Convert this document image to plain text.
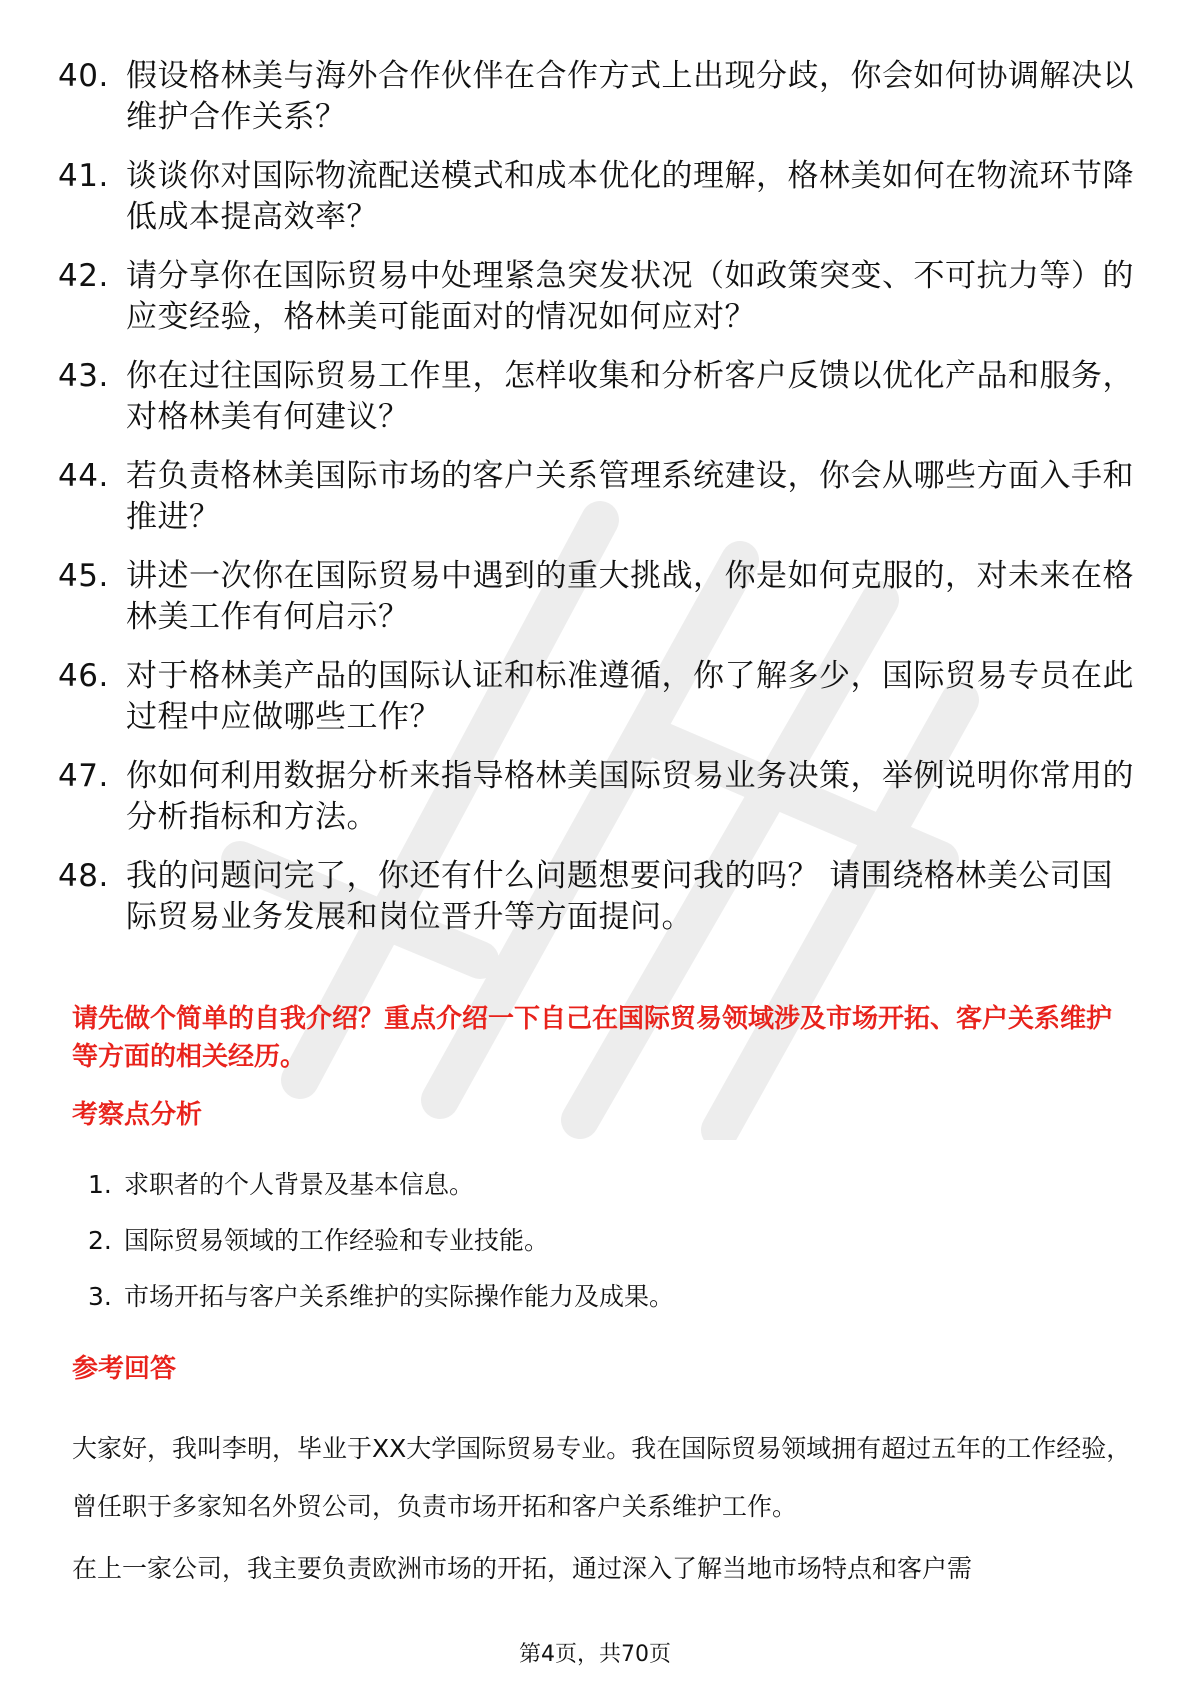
40. 假设格林美与海外合作伙伴在合作方式上出现分歧，你会如何协调解决以维护合作关系？
41. 谈谈你对国际物流配送模式和成本优化的理解，格林美如何在物流环节降低成本提高效率？
42. 请分享你在国际贸易中处理紧急突发状况（如政策突变、不可抗力等）的应变经验，格林美可能面对的情况如何应对？
43. 你在过往国际贸易工作里，怎样收集和分析客户反馈以优化产品和服务，对格林美有何建议？
44. 若负责格林美国际市场的客户关系管理系统建设，你会从哪些方面入手和推进？
45. 讲述一次你在国际贸易中遇到的重大挑战，你是如何克服的，对未来在格林美工作有何启示？
46. 对于格林美产品的国际认证和标准遵循，你了解多少，国际贸易专员在此过程中应做哪些工作？
47. 你如何利用数据分析来指导格林美国际贸易业务决策，举例说明你常用的分析指标和方法。
48. 我的问题问完了，你还有什么问题想要问我的吗？ 请围绕格林美公司国际贸易业务发展和岗位晋升等方面提问。
请先做个简单的自我介绍？重点介绍一下自己在国际贸易领域涉及市场开拓、客户关系维护等方面的相关经历。
考察点分析
1. 求职者的个人背景及基本信息。
2. 国际贸易领域的工作经验和专业技能。
3. 市场开拓与客户关系维护的实际操作能力及成果。
参考回答
大家好，我叫李明，毕业于XX大学国际贸易专业。我在国际贸易领域拥有超过五年的工作经验，曾任职于多家知名外贸公司，负责市场开拓和客户关系维护工作。
在上一家公司，我主要负责欧洲市场的开拓，通过深入了解当地市场特点和客户需
第4页，共70页
